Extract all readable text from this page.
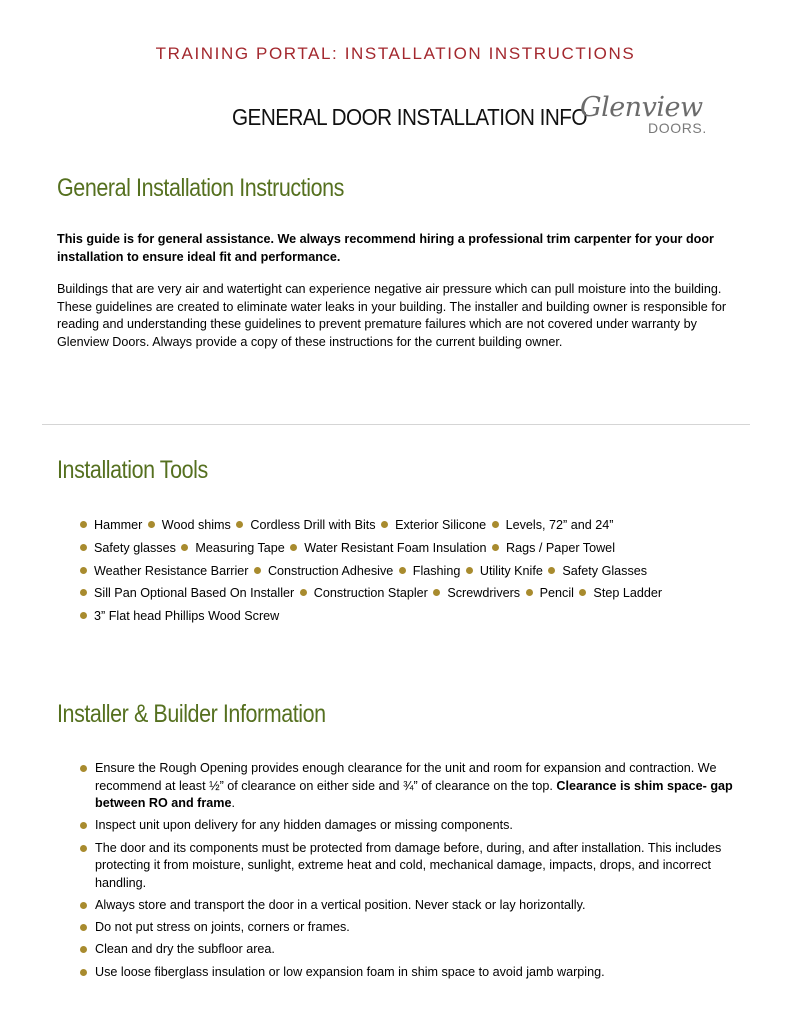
TRAINING PORTAL: INSTALLATION INSTRUCTIONS
GENERAL DOOR INSTALLATION INFO
Glenview
DOORS.
General Installation Instructions
This guide is for general assistance. We always recommend hiring a professional trim carpenter for your door installation to ensure ideal fit and performance.
Buildings that are very air and watertight can experience negative air pressure which can pull moisture into the building. These guidelines are created to eliminate water leaks in your building. The installer and building owner is responsible for reading and understanding these guidelines to prevent premature failures which are not covered under warranty by Glenview Doors. Always provide a copy of these instructions for the current building owner.
Installation Tools
Hammer Wood shims Cordless Drill with Bits Exterior Silicone Levels, 72” and 24”
Safety glasses Measuring Tape Water Resistant Foam Insulation Rags / Paper Towel
Weather Resistance Barrier Construction Adhesive Flashing Utility Knife Safety Glasses
Sill Pan Optional Based On Installer Construction Stapler Screwdrivers Pencil Step Ladder
3” Flat head Phillips Wood Screw
Installer & Builder Information
Ensure the Rough Opening provides enough clearance for the unit and room for expansion and contraction. We recommend at least ½” of clearance on either side and ¾” of clearance on the top. Clearance is shim space- gap between RO and frame.
Inspect unit upon delivery for any hidden damages or missing components.
The door and its components must be protected from damage before, during, and after installation. This includes protecting it from moisture, sunlight, extreme heat and cold, mechanical damage, impacts, drops, and incorrect handling.
Always store and transport the door in a vertical position. Never stack or lay horizontally.
Do not put stress on joints, corners or frames.
Clean and dry the subfloor area.
Use loose fiberglass insulation or low expansion foam in shim space to avoid jamb warping.
